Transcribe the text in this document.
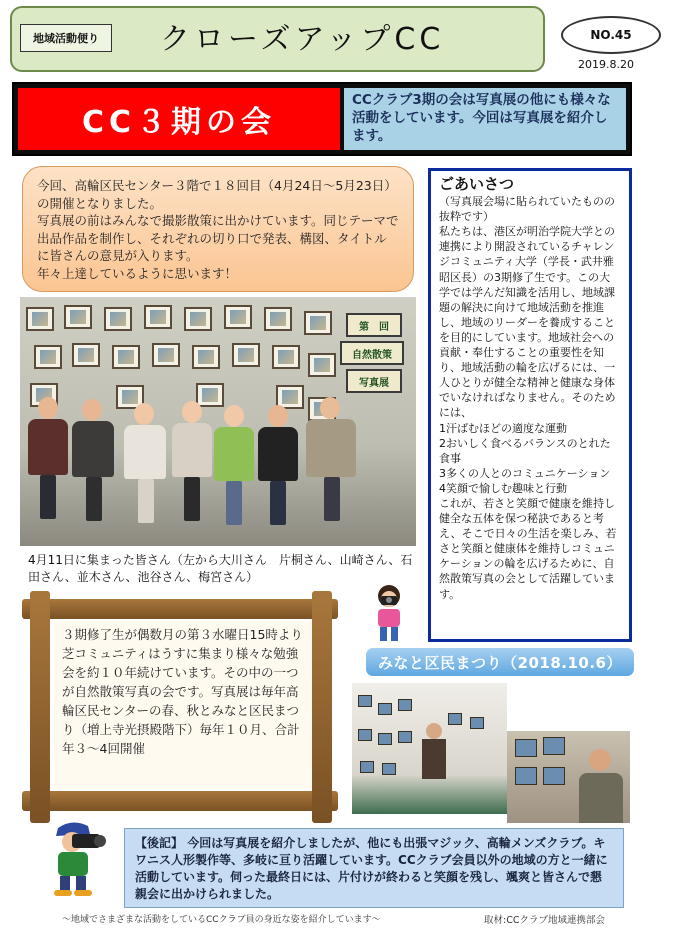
地域活動便り	クローズアップCC	NO.45
2019.8.20
CC３期の会
CCクラブ3期の会は写真展の他にも様々な活動をしています。今回は写真展を紹介します。

今回、高輪区民センター３階で１８回目（4月24日〜5月23日）の開催となりました。

写真展の前はみんなで撮影散策に出かけています。同じテーマで出品作品を制作し、それぞれの切り口で発表、構図、タイトルに皆さんの意見が入ります。

年々上達しているように思います！

第　回
自然散策
写真展
4月11日に集まった皆さん（左から大川さん　片桐さん、山崎さん、石田さん、並木さん、池谷さん、梅宮さん）
３期修了生が偶数月の第３水曜日15時より芝コミュニティはうすに集まり様々な勉強会を約１０年続けています。その中の一つが自然散策写真の会です。写真展は毎年高輪区民センターの春、秋とみなと区民まつり（増上寺光摂殿階下）毎年１０月、合計年３〜4回開催
ごあいさつ
（写真展会場に貼られていたものの抜粋です）
私たちは、港区が明治学院大学との連携により開設されているチャレンジコミュニティ大学（学長・武井雅昭区長）の3期修了生です。この大学では学んだ知識を活用し、地域課題の解決に向けて地域活動を推進し、地域のリーダーを養成することを目的にしています。地域社会への貢献・奉仕することの重要性を知り、地域活動の輪を広げるには、一人ひとりが健全な精神と健康な身体でいなければなりません。そのためには、
1汗ばむほどの適度な運動
2おいしく食べるバランスのとれた食事
3多くの人とのコミュニケーション
4笑顔で愉しむ趣味と行動
これが、若さと笑顔で健康を維持し健全な五体を保つ秘訣であると考え、そこで日々の生活を楽しみ、若さと笑顔と健康体を維持しコミュニケーションの輪を広げるために、自然散策写真の会として活躍しています。
みなと区民まつり（2018.10.6）
【後記】 今回は写真展を紹介しましたが、他にも出張マジック、高輪メンズクラブ。キワニス人形製作等、多岐に亘り活躍しています。CCクラブ会員以外の地域の方と一緒に活動しています。伺った最終日には、片付けが終わると笑顔を残し、颯爽と皆さんで懇親会に出かけられました。
〜地域でさまざまな活動をしているCCクラブ員の身近な姿を紹介しています〜	取材:CCクラブ地域連携部会
